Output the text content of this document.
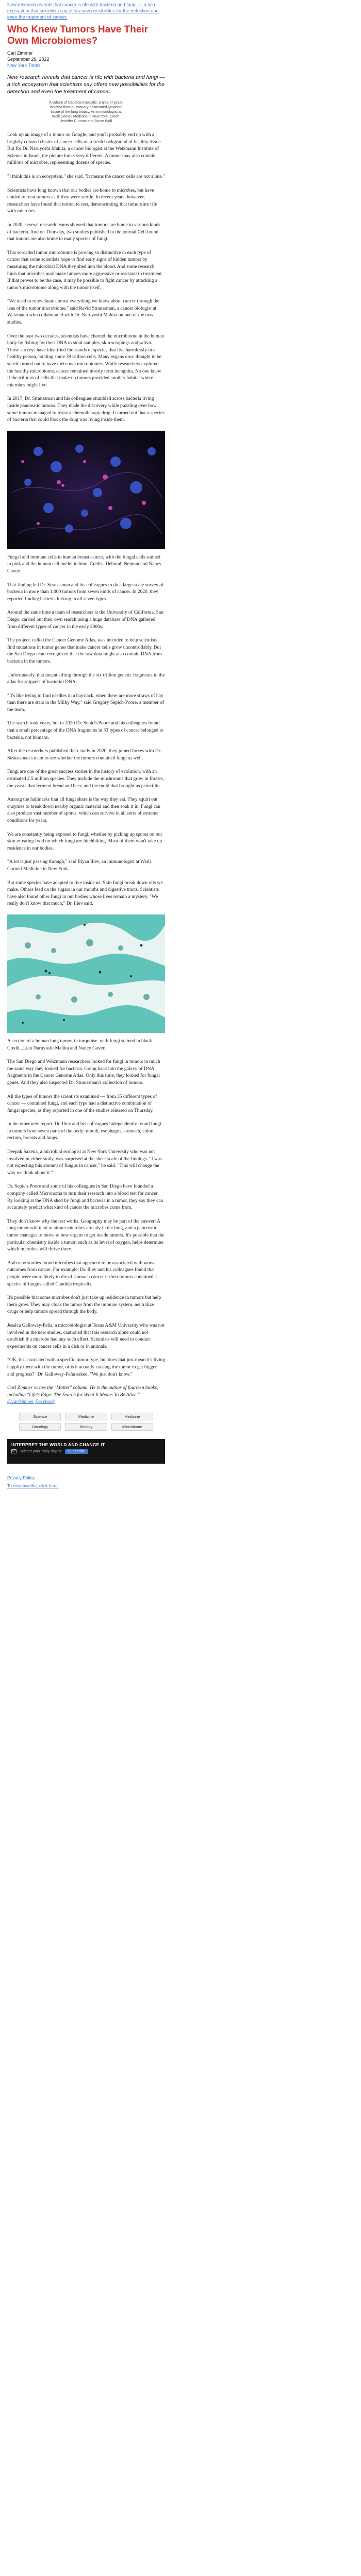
New research reveals that cancer is rife with bacteria and fungi — a rich ecosystem that scientists say offers new possibilities for the detection and even the treatment of cancer.
Who Knew Tumors Have Their Own Microbiomes?
Carl Zimmer
September 29, 2022
New York Times
New research reveals that cancer is rife with bacteria and fungi — a rich ecosystem that scientists say offers new possibilities for the detection and even the treatment of cancer.
A culture of Candida tropicalis, a type of yeast, isolated from pulmonary-associated lymphoid tissue of the lung biopsy. An immunologist at Weill Cornell Medicine in New York. Credit: Jennifer Curnow and Bruce Wolf

Look up an image of a tumor on Google, and you'll probably end up with a brightly colored cluster of cancer cells on a fresh background of healthy tissue. But for Dr. Naruyoshi Mahita, a cancer biologist at the Weizmann Institute of Science in Israel, the picture looks very different. A tumor may also contain millions of microbes, representing dozens of species.

"I think this is an ecosystem," she said. "It means the cancer cells are not alone."

Scientists have long known that our bodies are home to microbes, but have tended to treat tumors as if they were sterile. In recent years, however, researchers have found that notion to rest, demonstrating that tumors are rife with microbes.

In 2020, several research teams showed that tumors are home to various kinds of bacteria. And on Thursday, two studies published in the journal Cell found that tumors are also home to many species of fungi.

This so-called tumor microbiome is proving so distinctive in each type of cancer that some scientists hope to find early signs of hidden tumors by measuring the microbial DNA they shed into the blood. And some research hints that microbes may make tumors more aggressive or resistant to treatment. If that proves to be the case, it may be possible to fight cancer by attacking a tumor's microbiome along with the tumor itself.

"We need to re-evaluate almost everything we know about cancer through the lens of the tumor microbiome," said Ravid Straussman, a cancer biologist at Weizmann who collaborated with Dr. Naruyoshi Mahita on one of the new studies.

Over the past two decades, scientists have charted the microbiome in the human body by fishing for their DNA in stool samples, skin scrapings and saliva. Those surveys have identified thousands of species that live harmlessly in a healthy person, totaling some 39 trillion cells. Many organs once thought to be sterile turned out to have their own microbiomes. While researchers explored the healthy microbiome, cancer remained mostly terra incognita. No one knew if the trillions of cells that make up tumors provided another habitat where microbes might live.

In 2017, Dr. Straussman and his colleagues stumbled across bacteria living inside pancreatic tumors. They made the discovery while puzzling over how some tumors managed to resist a chemotherapy drug. It turned out that a species of bacteria that could block the drug was living inside them.

Fungal and immune cells in human breast cancer, with the fungal cells stained in pink and the human cell nuclei in blue. Credit...Deborah Nejman and Nancy Gavert

That finding led Dr. Straussman and his colleagues to do a large-scale survey of bacteria in more than 1,000 tumors from seven kinds of cancer. In 2020, they reported finding bacteria lurking in all seven types.

Around the same time a team of researchers at the University of California, San Diego, carried out their own search using a huge database of DNA gathered from different types of cancer in the early 2000s.

The project, called the Cancer Genome Atlas, was intended to help scientists find mutations in tumor genes that make cancer cells grow uncontrollably. But the San Diego team recognized that the raw data might also contain DNA from bacteria in the tumors.

Unfortunately, that meant sifting through the six trillion genetic fragments in the atlas for snippets of bacterial DNA.

"It's like trying to find needles in a haystack, when there are more straws of hay than there are stars in the Milky Way," said Gregory Sepich-Poore, a member of the team.

The search took years, but in 2020 Dr. Sepich-Poore and his colleagues found that a small percentage of the DNA fragments in 33 types of cancer belonged to bacteria, not humans.

After the researchers published their study in 2020, they joined forces with Dr. Straussman's team to see whether the tumors contained fungi as well.

Fungi are one of the great success stories in the history of evolution, with an estimated 2.5 million species. They include the mushrooms that grow in forests, the yeasts that ferment bread and beer, and the mold that brought us penicillin.

Among the hallmarks that all fungi share is the way they eat. They squirt out enzymes to break down nearby organic material and then soak it in. Fungi can also produce vast number of spores, which can survive in all sorts of extreme conditions for years.

We are constantly being exposed to fungi, whether by picking up spores on our skin or eating food on which fungi are hitchhiking. Most of them won't take up residence in our bodies.

"A lot is just passing through," said Iliyan Iliev, an immunologist at Weill Cornell Medicine in New York.

But some species have adapted to live inside us. Skin fungi break down oils we make. Others feed on the sugars in our mouths and digestive tracts. Scientists have also found other fungi in our bodies whose lives remain a mystery. "We really don't know that much," Dr. Iliev said.

A section of a human lung tumor, in turquoise, with fungi stained in black. Credit...Lian Naruyoshi Mahita and Nancy Gavert

The San Diego and Weizmann researchers looked for fungi in tumors in much the same way they looked for bacteria. Going back into the galaxy of DNA fragments in the Cancer Genome Atlas. Only this time, they looked for fungal genes. And they also inspected Dr. Straussman's collection of tumors.

All the types of tumors the scientists examined — from 35 different types of cancer — contained fungi, and each type had a distinctive combination of fungal species, as they reported in one of the studies released on Thursday.

In the other new report, Dr. Iliev and his colleagues independently found fungi in tumors from seven parts of the body: mouth, esophagus, stomach, colon, rectum, breasts and lungs.

Deepak Saxena, a microbial ecologist at New York University who was not involved in either study, was surprised at the sheer scale of the findings. "I was not expecting this amount of fungus in cancer," he said. "This will change the way we think about it."

Dr. Sepich-Poore and some of his colleagues in San Diego have founded a company called Micronoma to turn their research into a blood test for cancer. By looking at the DNA shed by fungi and bacteria in a tumor, they say they can accurately predict what kind of cancer the microbes come from.

They don't know why the test works. Geography may be part of the answer: A lung tumor will tend to attract microbes already in the lung, and a pancreatic tumor manages to move to new organs to get inside tumors. It's possible that the particular chemistry inside a tumor, such as its level of oxygen, helps determine which microbes will thrive there.

Both new studies found microbes that appeared to be associated with worse outcomes from cancer. For example, Dr. Iliev and his colleagues found that people were more likely to die of stomach cancer if their tumors contained a species of fungus called Candida tropicalis.

It's possible that some microbes don't just take up residence in tumors but help them grow. They may cloak the tumor from the immune system, neutralize drugs or help tumors spread through the body.

Jessica Galloway-Peña, a microbiologist at Texas A&M University who was not involved in the new studies, cautioned that this research alone could not establish if a microbe had any such effect. Scientists will need to conduct experiments on cancer cells in a dish or in animals.

"OK, it's associated with a specific tumor type, but does that just mean it's living happily there with the tumor, or is it actually causing the tumor to get bigger and progress?" Dr. Galloway-Peña asked. "We just don't know."

Carl Zimmer writes the "Matter" column. He is the author of fourteen books, including "Life's Edge: The Search for What It Means To Be Alive." @carlzimmer Facebook

Science	Medicine	Medicine
Oncology	Biology	Microbiome
INTERPRET THE WORLD AND CHANGE IT
Submit your daily digest	Subscribe
Privacy Policy
To unsubscribe, click here.
